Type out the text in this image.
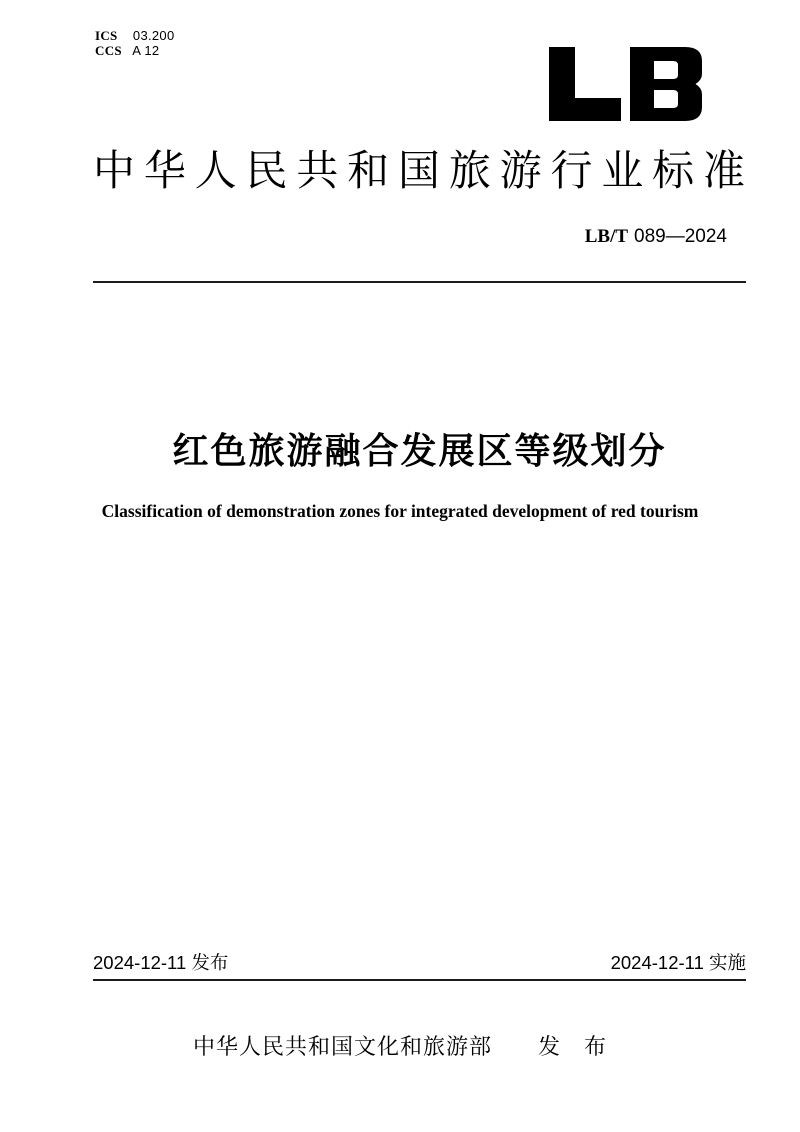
ICS 03.200
CCS A 12
中华人民共和国旅游行业标准
LB/T 089—2024
红色旅游融合发展区等级划分
Classification of demonstration zones for integrated development of red tourism
2024-12-11 发布	2024-12-11 实施
中华人民共和国文化和旅游部　　发　布
